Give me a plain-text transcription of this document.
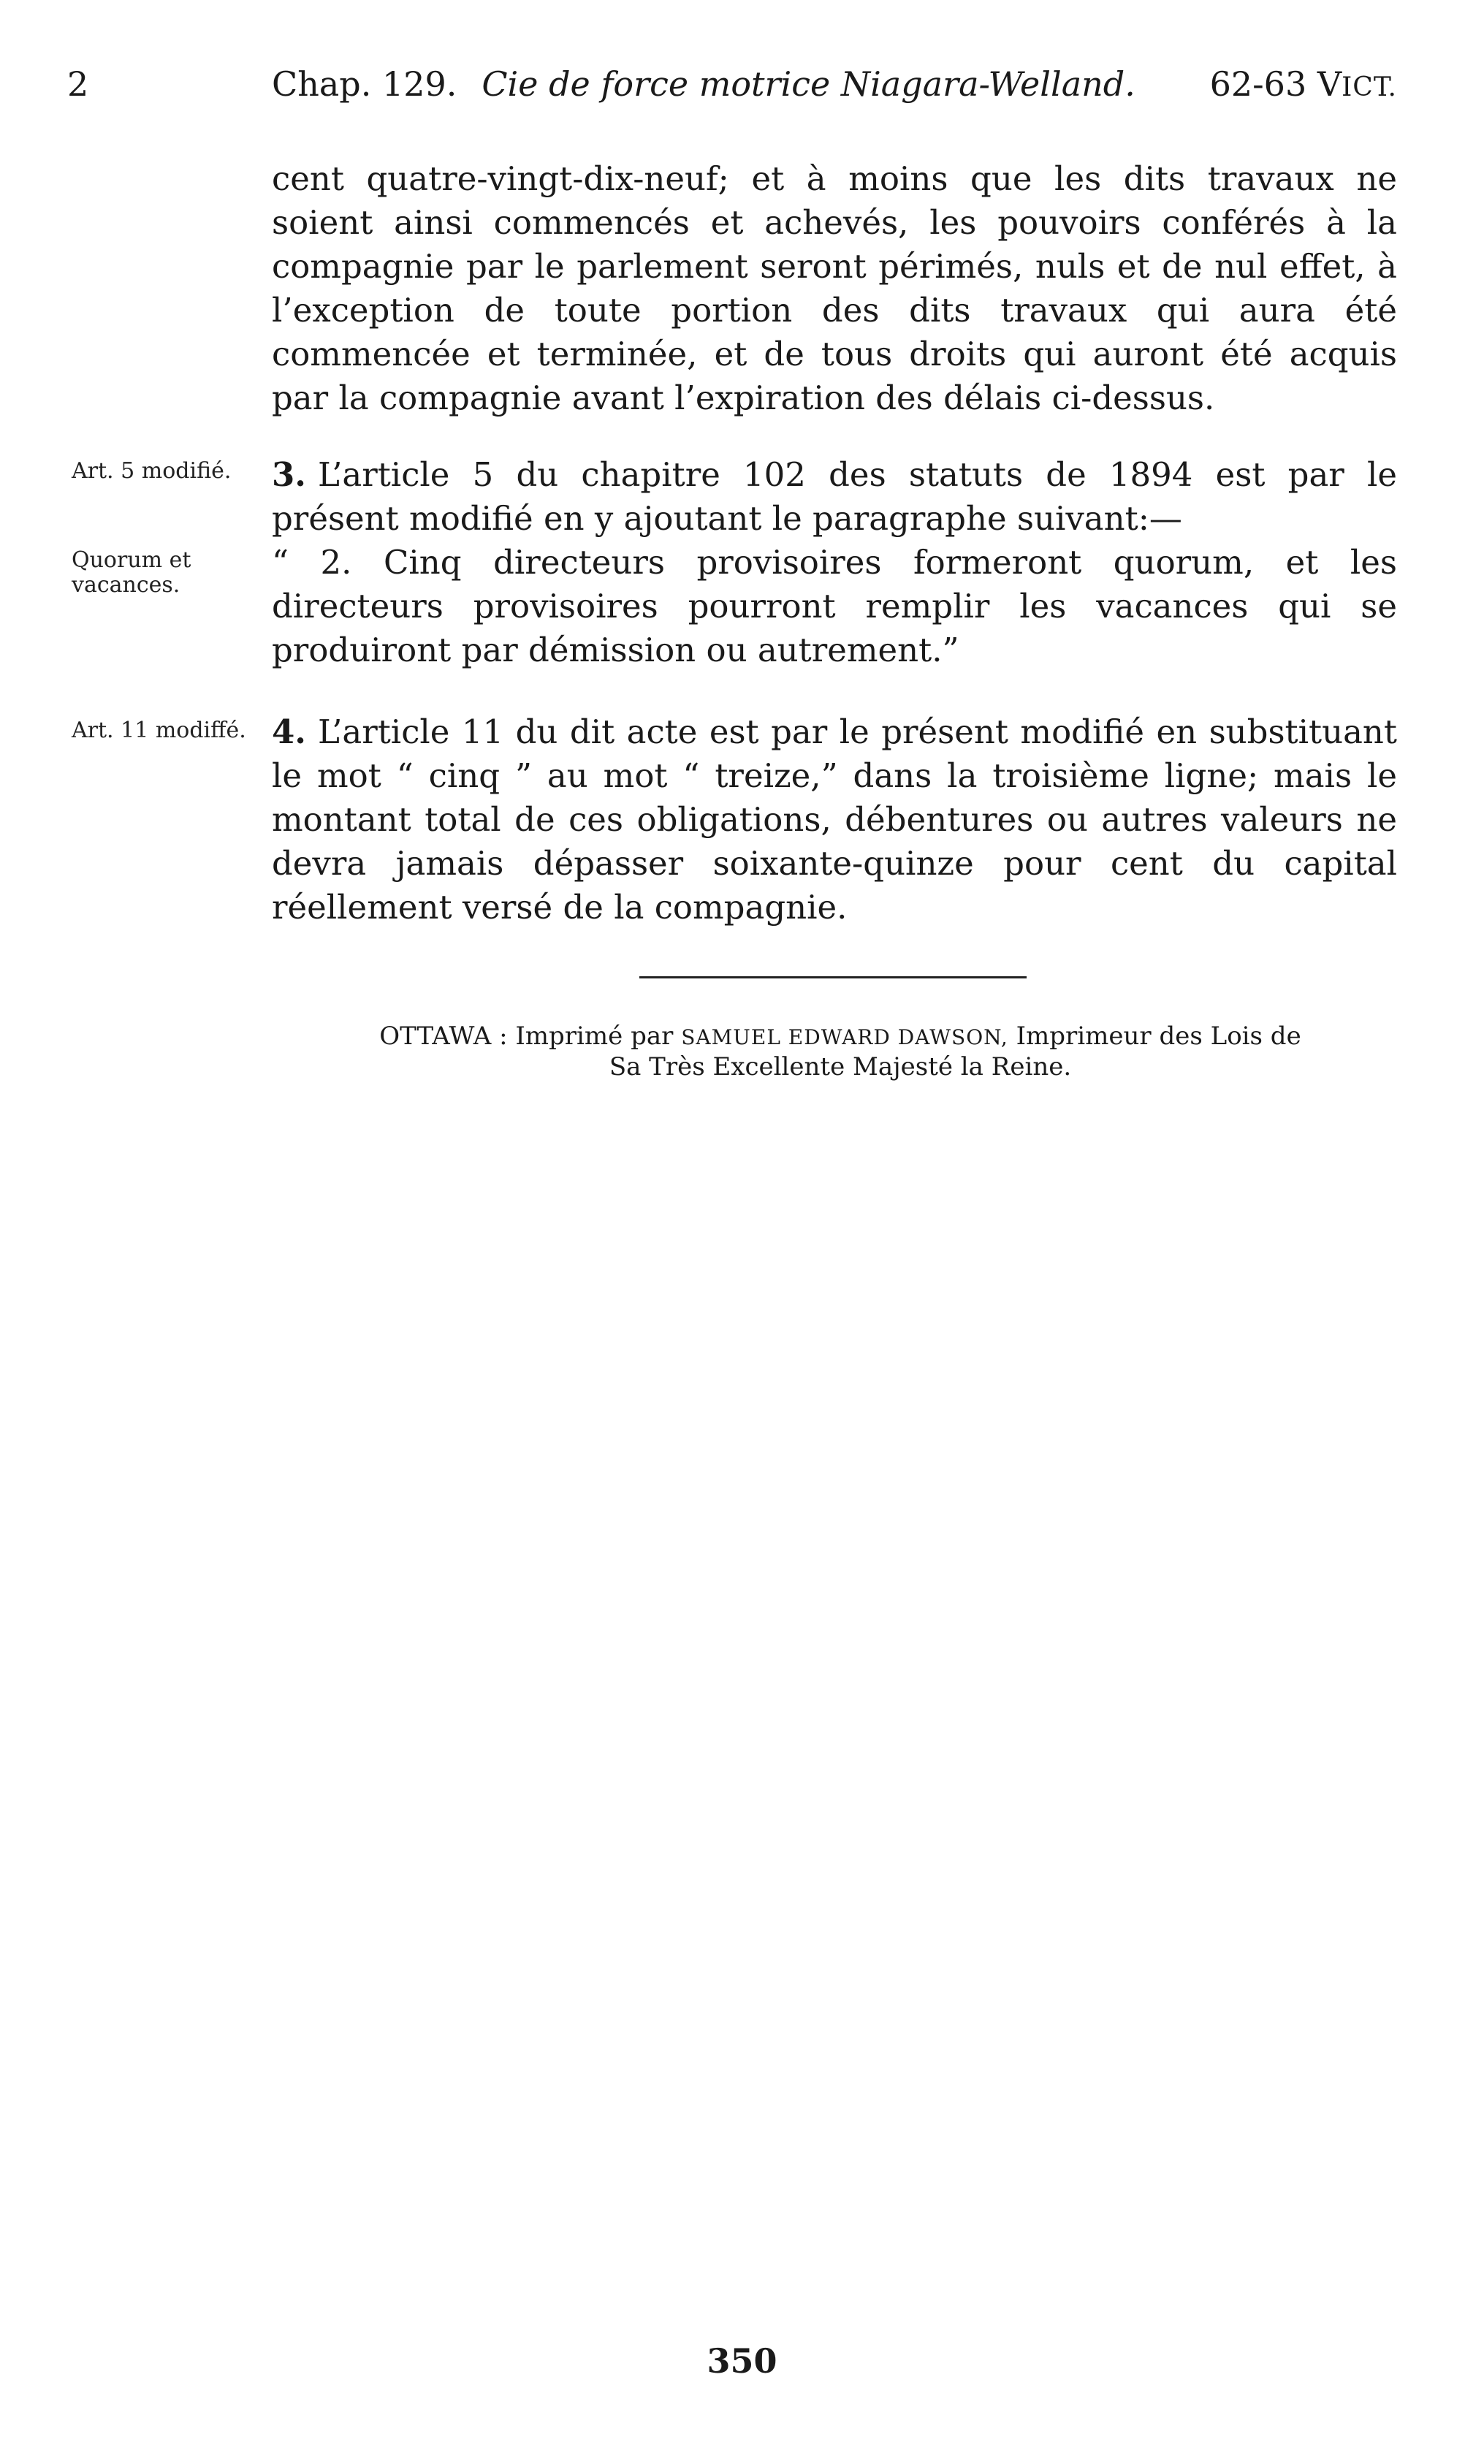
2	Chap. 129. Cie de force motrice Niagara-Welland. 62-63 VICT.

cent quatre-vingt-dix-neuf; et à moins que les dits travaux ne soient ainsi commencés et achevés, les pouvoirs conférés à la compagnie par le parlement seront périmés, nuls et de nul effet, à l’exception de toute portion des dits travaux qui aura été commencée et terminée, et de tous droits qui auront été acquis par la compagnie avant l’expiration des délais ci-dessus.

Art. 5 modifié.	3. L’article 5 du chapitre 102 des statuts de 1894 est par le présent modifié en y ajoutant le paragraphe suivant:—

Quorum et vacances.

“ 2. Cinq directeurs provisoires formeront quorum, et les directeurs provisoires pourront remplir les vacances qui se produiront par démission ou autrement.”

Art. 11 modiffé. 4. L’article 11 du dit acte est par le présent modifié en substituant le mot “ cinq ” au mot “ treize,” dans la troisième ligne; mais le montant total de ces obligations, débentures ou autres valeurs ne devra jamais dépasser soixante-quinze pour cent du capital réellement versé de la compagnie.

OTTAWA : Imprimé par SAMUEL EDWARD DAWSON, Imprimeur des Lois de
Sa Très Excellente Majesté la Reine.
350
